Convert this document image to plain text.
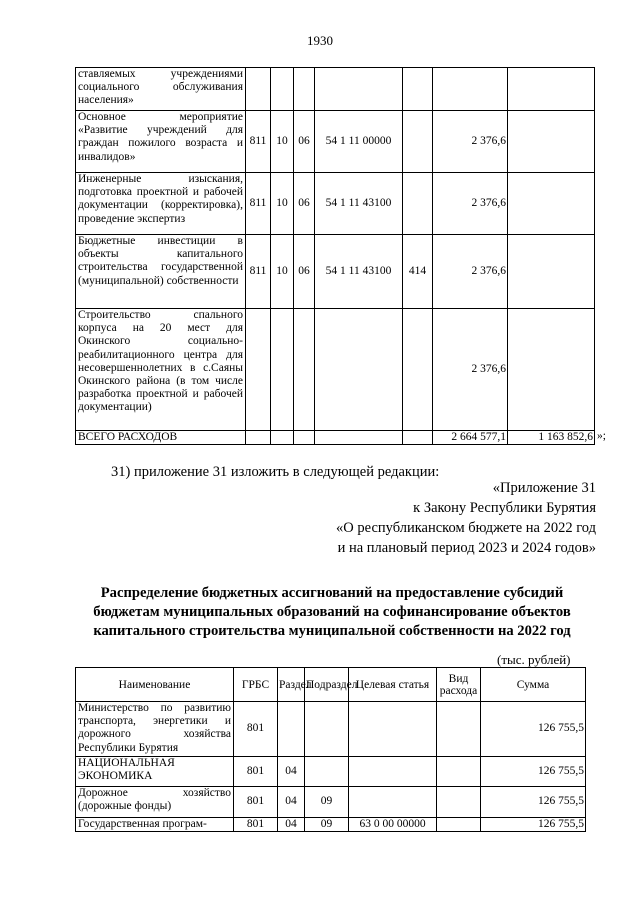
1930
ставляемых учреждениями социального обслуживания населения»							
Основное мероприятие «Развитие учреждений для граждан пожилого возраста и инвалидов»	811	10	06	54 1 11 00000		2 376,6	
Инженерные изыскания, подготовка проектной и рабочей документации (корректировка), проведение экспертиз	811	10	06	54 1 11 43100		2 376,6	
Бюджетные инвестиции в объекты капитального строительства государственной (муниципальной) собственности	811	10	06	54 1 11 43100	414	2 376,6	
Строительство спального корпуса на 20 мест для Окинского социально-реабилитационного центра для несовершеннолетних в с.Саяны Окинского района (в том числе разработка проектной и рабочей документации)						2 376,6	
ВСЕГО РАСХОДОВ						2 664 577,1	1 163 852,6 »;
31) приложение 31 изложить в следующей редакции:
«Приложение 31
к Закону Республики Бурятия
«О республиканском бюджете на 2022 год
и на плановый период 2023 и 2024 годов»
Распределение бюджетных ассигнований на предоставление субсидий
бюджетам муниципальных образований на софинансирование объектов
капитального строительства муниципальной собственности на 2022 год
(тыс. рублей)
Наименование	ГРБС	Раздел	Подраздел	Целевая статья	Вид расхода	Сумма
Министерство по развитию транспорта, энергетики и дорожного хозяйства Республики Бурятия	801					126 755,5
НАЦИОНАЛЬНАЯ ЭКОНОМИКА	801	04				126 755,5
Дорожное хозяйство (дорожные фонды)	801	04	09			126 755,5
Государственная програм-	801	04	09	63 0 00 00000		126 755,5
